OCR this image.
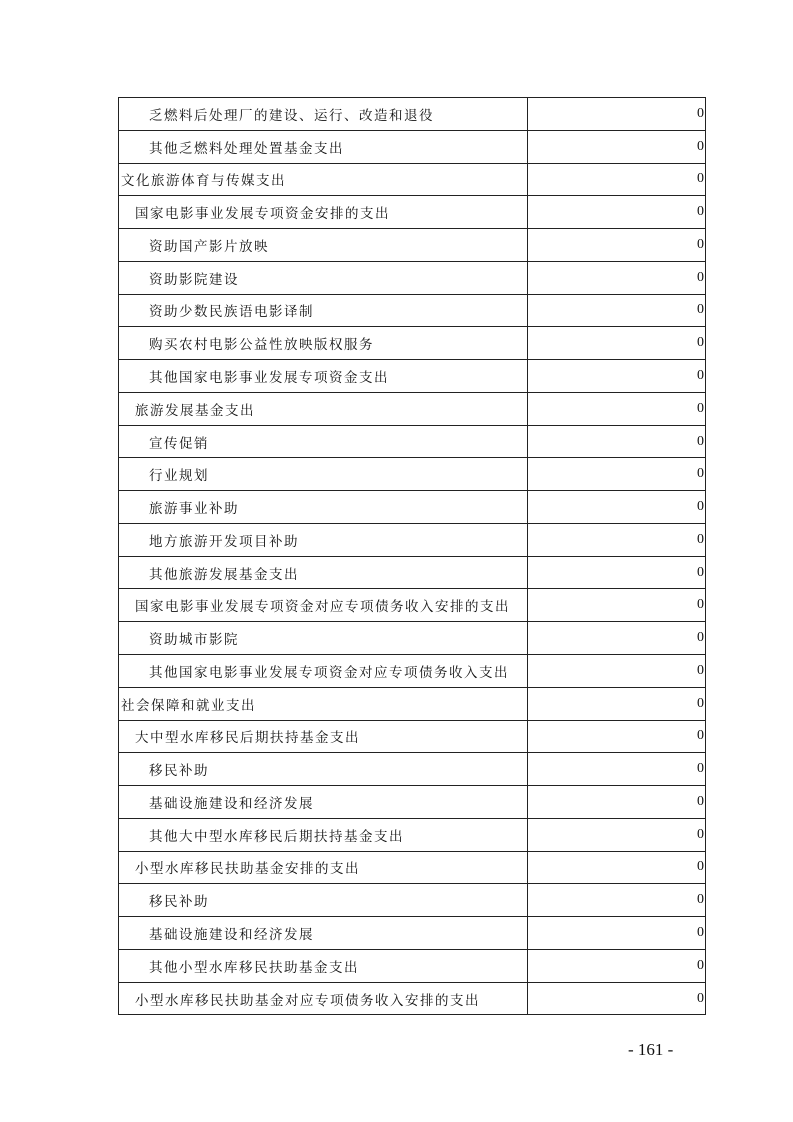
乏燃料后处理厂的建设、运行、改造和退役	0
其他乏燃料处理处置基金支出	0
文化旅游体育与传媒支出	0
国家电影事业发展专项资金安排的支出	0
资助国产影片放映	0
资助影院建设	0
资助少数民族语电影译制	0
购买农村电影公益性放映版权服务	0
其他国家电影事业发展专项资金支出	0
旅游发展基金支出	0
宣传促销	0
行业规划	0
旅游事业补助	0
地方旅游开发项目补助	0
其他旅游发展基金支出	0
国家电影事业发展专项资金对应专项债务收入安排的支出	0
资助城市影院	0
其他国家电影事业发展专项资金对应专项债务收入支出	0
社会保障和就业支出	0
大中型水库移民后期扶持基金支出	0
移民补助	0
基础设施建设和经济发展	0
其他大中型水库移民后期扶持基金支出	0
小型水库移民扶助基金安排的支出	0
移民补助	0
基础设施建设和经济发展	0
其他小型水库移民扶助基金支出	0
小型水库移民扶助基金对应专项债务收入安排的支出	0
- 161 -
